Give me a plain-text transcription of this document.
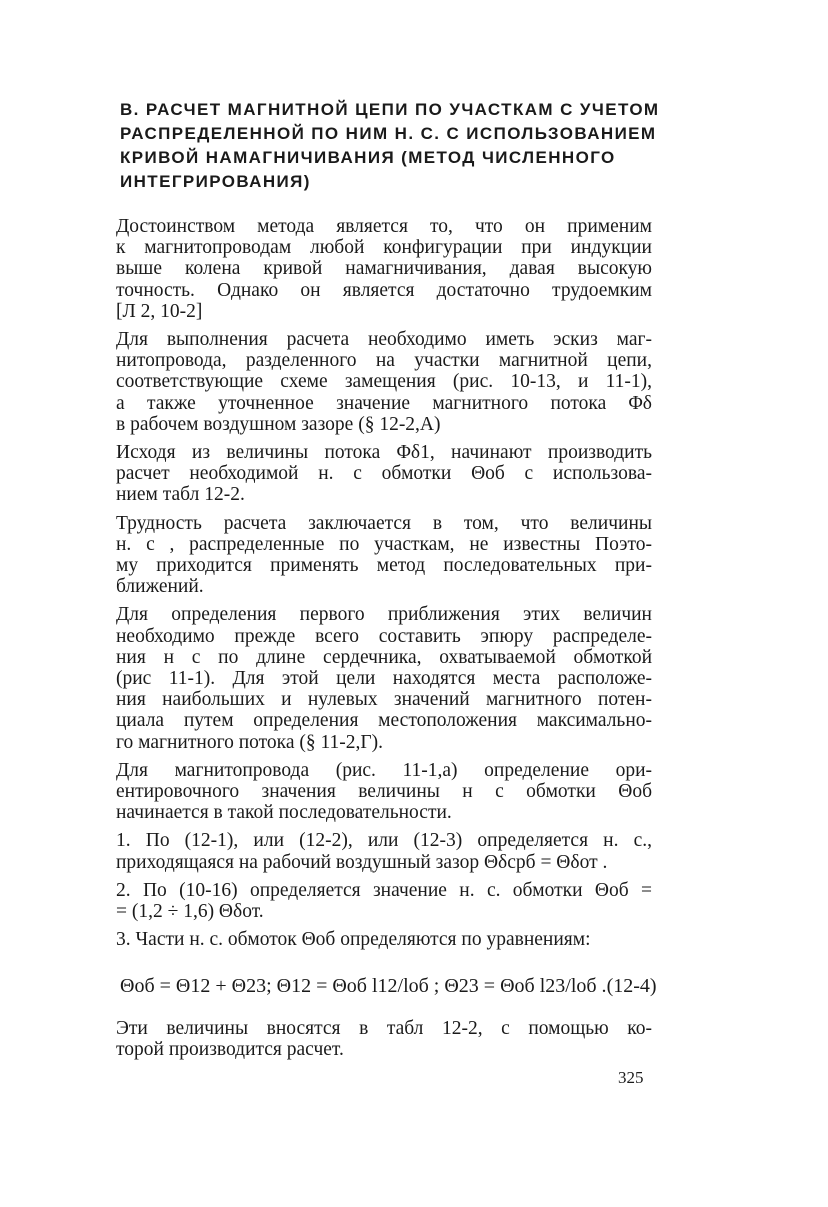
В. РАСЧЕТ МАГНИТНОЙ ЦЕПИ ПО УЧАСТКАМ С УЧЕТОМ
РАСПРЕДЕЛЕННОЙ ПО НИМ Н. С. С ИСПОЛЬЗОВАНИЕМ
КРИВОЙ НАМАГНИЧИВАНИЯ (МЕТОД ЧИСЛЕННОГО
ИНТЕГРИРОВАНИЯ)
Достоинством метода является то, что он применим
к магнитопроводам любой конфигурации при индукции
выше колена кривой намагничивания, давая высокую
точность. Однако он является достаточно трудоемким
[Л 2, 10-2]
Для выполнения расчета необходимо иметь эскиз маг-
нитопровода, разделенного на участки магнитной цепи,
соответствующие схеме замещения (рис. 10-13, и 11-1),
а также уточненное значение магнитного потока Φδ
в рабочем воздушном зазоре (§ 12-2,А)
Исходя из величины потока Φδ1, начинают производить
расчет необходимой н. с обмотки Θоб с использова-
нием табл 12-2.
Трудность расчета заключается в том, что величины
н. с , распределенные по участкам, не известны Поэто-
му приходится применять метод последовательных при-
ближений.
Для определения первого приближения этих величин
необходимо прежде всего составить эпюру распределе-
ния н с по длине сердечника, охватываемой обмоткой
(рис 11-1). Для этой цели находятся места расположе-
ния наибольших и нулевых значений магнитного потен-
циала путем определения местоположения максимально-
го магнитного потока (§ 11-2,Г).
Для магнитопровода (рис. 11-1,а) определение ори-
ентировочного значения величины н с обмотки Θоб
начинается в такой последовательности.
1. По (12-1), или (12-2), или (12-3) определяется н. с.,
приходящаяся на рабочий воздушный зазор Θδсрб = Θδот .
2. По (10-16) определяется значение н. с. обмотки Θоб =
= (1,2 ÷ 1,6) Θδот.
3. Части н. с. обмоток Θоб определяются по уравнениям:
Θоб = Θ12 + Θ23; Θ12 = Θоб l12/lоб ; Θ23 = Θоб l23/lоб . (12-4)
Эти величины вносятся в табл 12-2, с помощью ко-
торой производится расчет.
325
